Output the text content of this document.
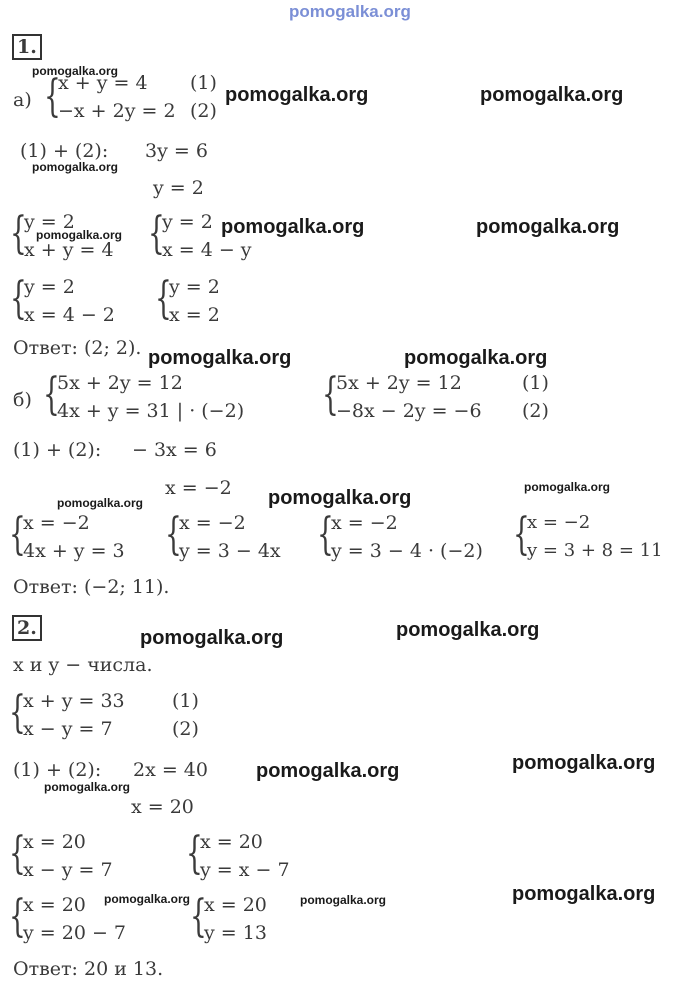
pomogalka.org
1.
pomogalka.org
а) {
x + y = 4
−x + 2y = 2
(1)
(2)
pomogalka.org	pomogalka.org
(1) + (2): 3y = 6
pomogalka.org
y = 2
{
y = 2
x + y = 4
pomogalka.org {
y = 2
x = 4 − y
pomogalka.org	pomogalka.org
{
y = 2
x = 4 − 2 {
y = 2
x = 2
Ответ: (2; 2). pomogalka.org	pomogalka.org
б) {
5x + 2y = 12
4x + y = 31 | · (−2) {
5x + 2y = 12
−8x − 2y = −6
(1)
(2)
(1) + (2): − 3x = 6
x = −2
pomogalka.org	pomogalka.org	pomogalka.org
{
x = −2
4x + y = 3 {
x = −2
y = 3 − 4x {
x = −2
y = 3 − 4 · (−2) {
x = −2
y = 3 + 8 = 11
Ответ: (−2; 11).
2.	pomogalka.org	pomogalka.org
x и y − числа.
{
x + y = 33
x − y = 7
(1)
(2)
(1) + (2): 2x = 40 pomogalka.org	pomogalka.org
pomogalka.org
x = 20
{
x = 20
x − y = 7 {
x = 20
y = x − 7
{
x = 20
y = 20 − 7
pomogalka.org {
x = 20
y = 13
pomogalka.org	pomogalka.org
Ответ: 20 и 13.
